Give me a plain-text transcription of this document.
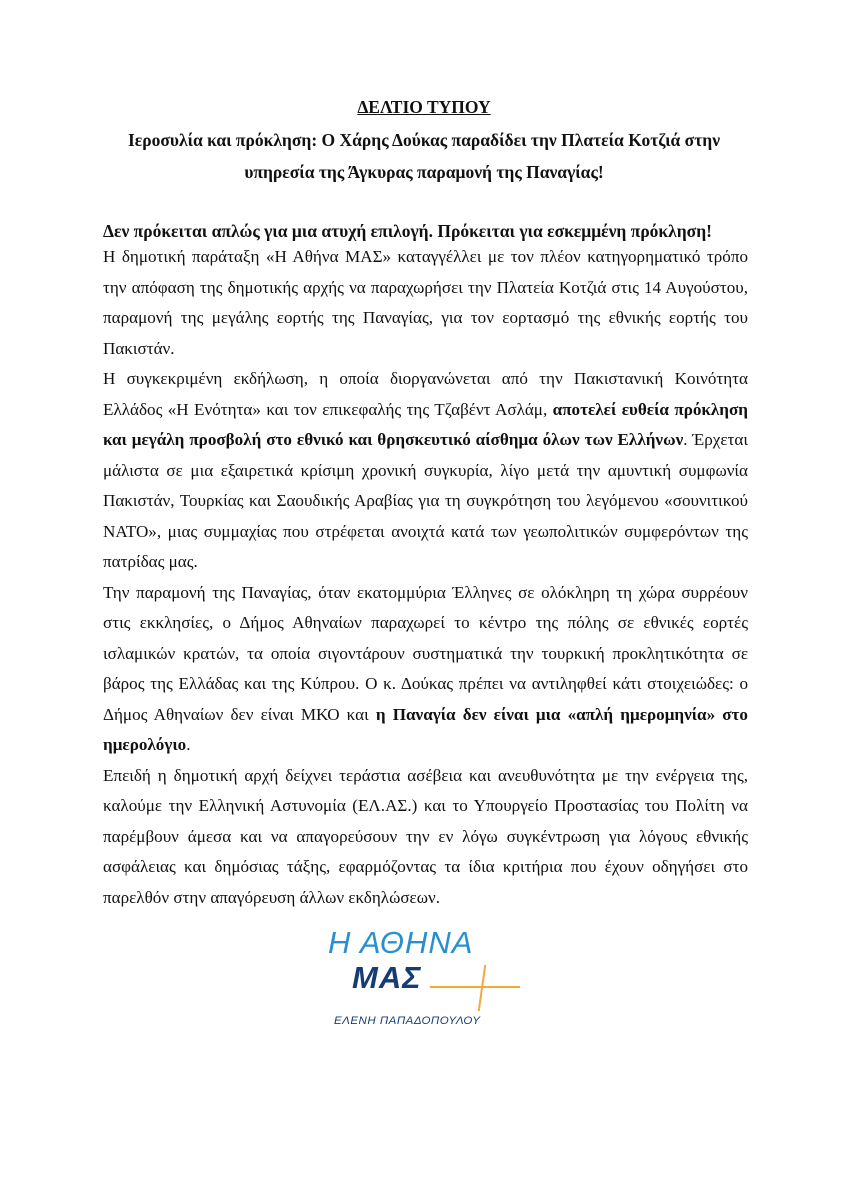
ΔΕΛΤΙΟ ΤΥΠΟΥ
Ιεροσυλία και πρόκληση: Ο Χάρης Δούκας παραδίδει την Πλατεία Κοτζιά στην
υπηρεσία της Άγκυρας παραμονή της Παναγίας!
Δεν πρόκειται απλώς για μια ατυχή επιλογή. Πρόκειται για εσκεμμένη πρόκληση!

Η δημοτική παράταξη «Η Αθήνα ΜΑΣ» καταγγέλλει με τον πλέον κατηγορηματικό τρόπο την απόφαση της δημοτικής αρχής να παραχωρήσει την Πλατεία Κοτζιά στις 14 Αυγούστου, παραμονή της μεγάλης εορτής της Παναγίας, για τον εορτασμό της εθνικής εορτής του Πακιστάν.

Η συγκεκριμένη εκδήλωση, η οποία διοργανώνεται από την Πακιστανική Κοινότητα Ελλάδος «Η Ενότητα» και τον επικεφαλής της Τζαβέντ Ασλάμ, αποτελεί ευθεία πρόκληση και μεγάλη προσβολή στο εθνικό και θρησκευτικό αίσθημα όλων των Ελλήνων. Έρχεται μάλιστα σε μια εξαιρετικά κρίσιμη χρονική συγκυρία, λίγο μετά την αμυντική συμφωνία Πακιστάν, Τουρκίας και Σαουδικής Αραβίας για τη συγκρότηση του λεγόμενου «σουνιτικού ΝΑΤΟ», μιας συμμαχίας που στρέφεται ανοιχτά κατά των γεωπολιτικών συμφερόντων της πατρίδας μας.

Την παραμονή της Παναγίας, όταν εκατομμύρια Έλληνες σε ολόκληρη τη χώρα συρρέουν στις εκκλησίες, ο Δήμος Αθηναίων παραχωρεί το κέντρο της πόλης σε εθνικές εορτές ισλαμικών κρατών, τα οποία σιγοντάρουν συστηματικά την τουρκική προκλητικότητα σε βάρος της Ελλάδας και της Κύπρου. Ο κ. Δούκας πρέπει να αντιληφθεί κάτι στοιχειώδες: ο Δήμος Αθηναίων δεν είναι ΜΚΟ και η Παναγία δεν είναι μια «απλή ημερομηνία» στο ημερολόγιο.

Επειδή η δημοτική αρχή δείχνει τεράστια ασέβεια και ανευθυνότητα με την ενέργεια της, καλούμε την Ελληνική Αστυνομία (ΕΛ.ΑΣ.) και το Υπουργείο Προστασίας του Πολίτη να παρέμβουν άμεσα και να απαγορεύσουν την εν λόγω συγκέντρωση για λόγους εθνικής ασφάλειας και δημόσιας τάξης, εφαρμόζοντας τα ίδια κριτήρια που έχουν οδηγήσει στο παρελθόν στην απαγόρευση άλλων εκδηλώσεων.

Η ΑΘΗΝΑ
ΜΑΣ
ΕΛΕΝΗ ΠΑΠΑΔΟΠΟΥΛΟΥ
